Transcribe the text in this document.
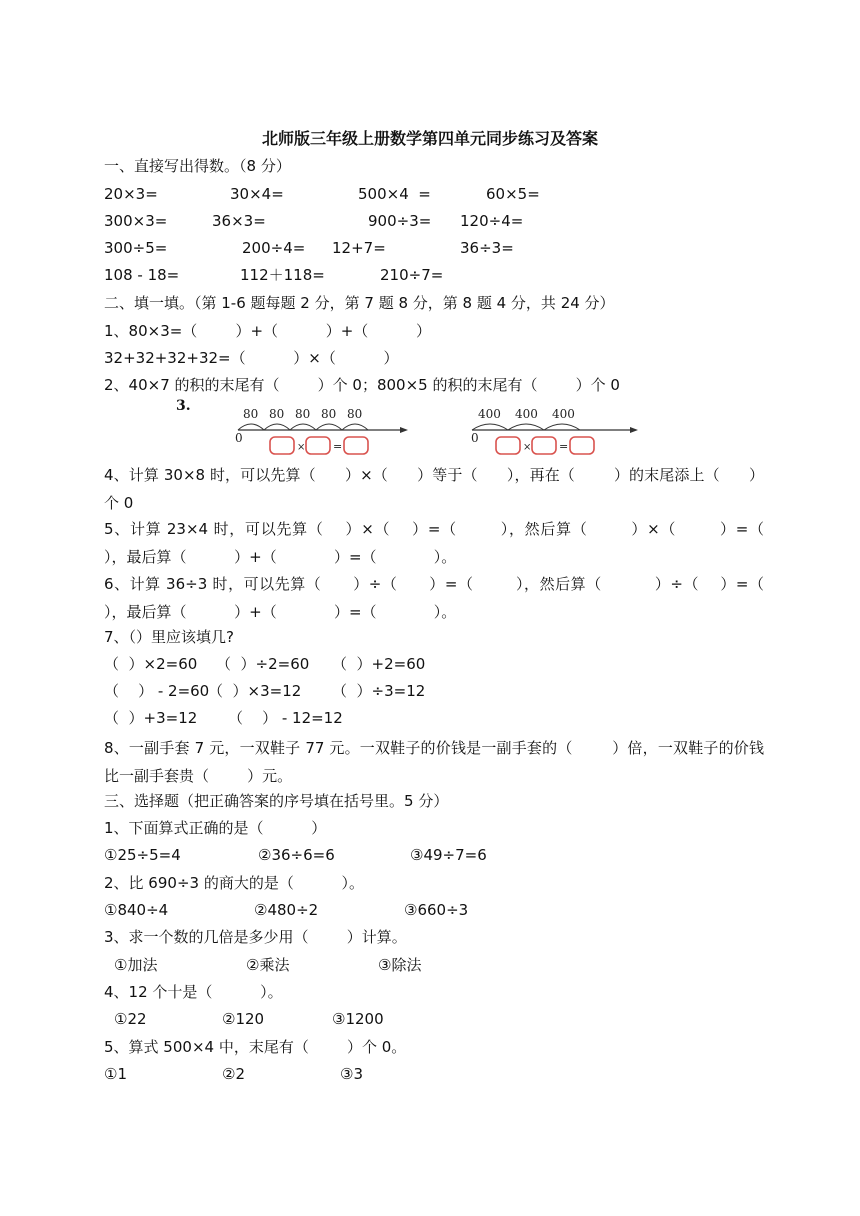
北师版三年级上册数学第四单元同步练习及答案
一、直接写出得数。（8 分）

20×3=

	30×4=

	500×4  =

	60×5=

300×3=

	36×3=

	900÷3=

120÷4=

300÷5=

	200÷4=

12+7=

	36÷3=

108 - 18=

	112＋118=

	210÷7=

二、填一填。（第 1-6 题每题 2 分，第 7 题 8 分，第 8 题 4 分，共 24 分）
1、80×3=（        ）+（          ）+（          ）
32+32+32+32=（          ）×（          ）
2、40×7 的积的末尾有（        ）个 0；800×5 的积的末尾有（        ）个 0
3.	80 80 80 80 80
0
×	=
400 400 400
0
×	=
4、计算 30×8 时，可以先算（      ）×（      ）等于（      ），再在（        ）的末尾添上（      ）个 0
5、计算 23×4 时，可以先算（    ）×（    ）=（        ），然后算（        ）×（        ）=（          ），最后算（          ）+（            ）=（            ）。
6、计算 36÷3 时，可以先算（      ）÷（      ）=（        ），然后算（          ）÷（    ）=（          ），最后算（          ）+（            ）=（            ）。
7、（）里应该填几?

（  ）×2=60

（  ）÷2=60

（  ）+2=60

（    ） - 2=60

（  ）×3=12

（  ）÷3=12

（  ）+3=12

（    ） - 12=12

8、一副手套 7 元，一双鞋子 77 元。一双鞋子的价钱是一副手套的（        ）倍，一双鞋子的价钱比一副手套贵（        ）元。
三、选择题（把正确答案的序号填在括号里。5 分）
1、下面算式正确的是（          ）

①25÷5=4

	②36÷6=6

	③49÷7=6

2、比 690÷3 的商大的是（          ）。

①840÷4

	②480÷2

	③660÷3

3、求一个数的几倍是多少用（        ）计算。

①加法

	②乘法

	③除法

4、12 个十是（          ）。

①22

	②120

	③1200

5、算式 500×4 中，末尾有（        ）个 0。

①1

	②2

	③3
